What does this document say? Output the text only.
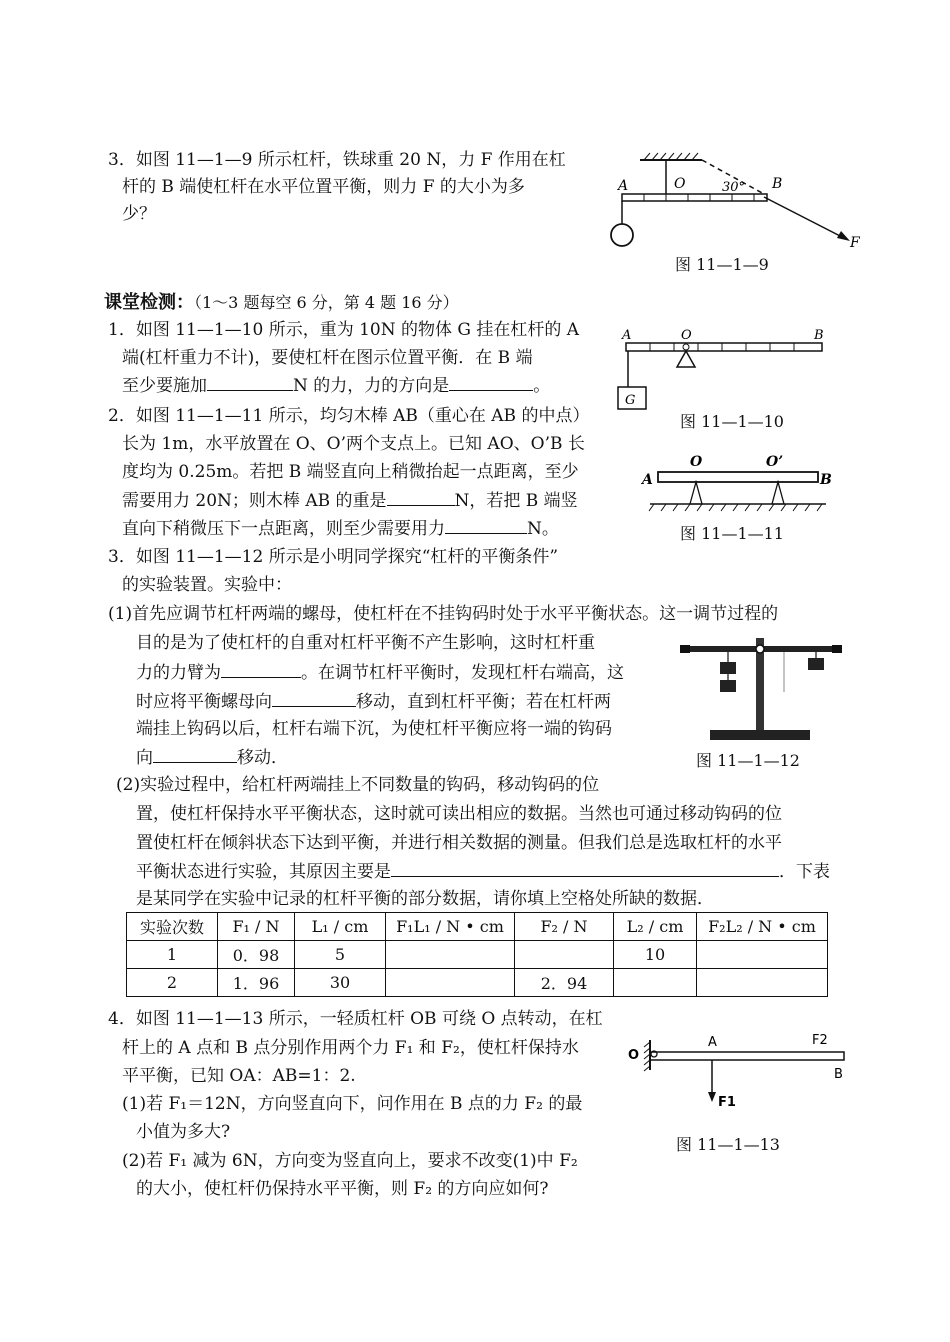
3．如图 11—1—9 所示杠杆，铁球重 20 N，力 F 作用在杠
杆的 B 端使杠杆在水平位置平衡，则力 F 的大小为多
少？
A	O	30° B
F
图 11—1—9
课堂检测：（1～3 题每空 6 分，第 4 题 16 分）
1．如图 11—1—10 所示，重为 10N 的物体 G 挂在杠杆的 A
端(杠杆重力不计)，要使杠杆在图示位置平衡．在 B 端
至少要施加	N 的力，力的方向是	。
G
A	O	B
图 11—1—10
2．如图 11—1—11 所示，均匀木棒 AB（重心在 AB 的中点）
长为 1m，水平放置在 O、O’两个支点上。已知 AO、O’B 长
度均为 0.25m。若把 B 端竖直向上稍微抬起一点距离，至少
需要用力 20N；则木棒 AB 的重是	N，若把 B 端竖
直向下稍微压下一点距离，则至少需要用力	N。
A
O	O’
B
图 11—1—11
3．如图 11—1—12 所示是小明同学探究“杠杆的平衡条件”
的实验装置。实验中：
(1)首先应调节杠杆两端的螺母，使杠杆在不挂钩码时处于水平平衡状态。这一调节过程的
目的是为了使杠杆的自重对杠杆平衡不产生影响，这时杠杆重
力的力臂为	。在调节杠杆平衡时，发现杠杆右端高，这
时应将平衡螺母向	移动，直到杠杆平衡；若在杠杆两
端挂上钩码以后，杠杆右端下沉，为使杠杆平衡应将一端的钩码
向	移动．	图 11—1—12
(2)实验过程中，给杠杆两端挂上不同数量的钩码，移动钩码的位
置，使杠杆保持水平平衡状态，这时就可读出相应的数据。当然也可通过移动钩码的位
置使杠杆在倾斜状态下达到平衡，并进行相关数据的测量。但我们总是选取杠杆的水平
平衡状态进行实验，其原因主要是	．下表
是某同学在实验中记录的杠杆平衡的部分数据，请你填上空格处所缺的数据．
实验次数	F₁ / N	L₁ / cm	F₁L₁ / N • cm	F₂ / N	L₂ / cm	F₂L₂ / N • cm
1	0．98	5			10	
2	1．96	30		2．94		
4．如图 11—1—13 所示，一轻质杠杆 OB 可绕 O 点转动，在杠
杆上的 A 点和 B 点分别作用两个力 F₁ 和 F₂，使杠杆保持水
平平衡，已知 OA：AB=1：2.
(1)若 F₁＝12N，方向竖直向下，问作用在 B 点的力 F₂ 的最
小值为多大?
(2)若 F₁ 减为 6N，方向变为竖直向上，要求不改变(1)中 F₂
的大小，使杠杆仍保持水平平衡，则 F₂ 的方向应如何?
O
A	F2
B
F1
图 11—1—13
